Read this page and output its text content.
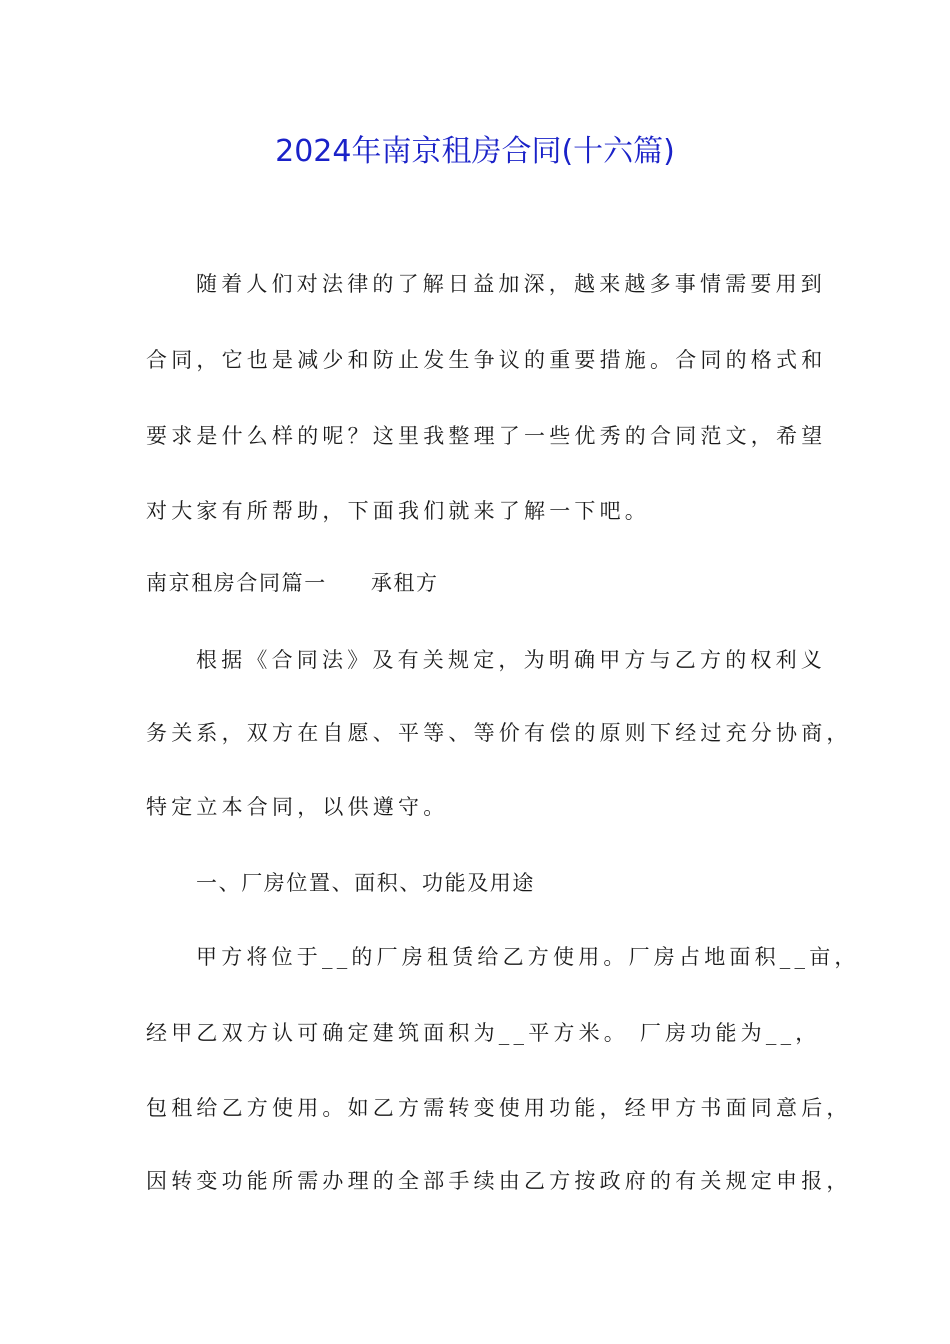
2024年南京租房合同(十六篇)
随着人们对法律的了解日益加深，越来越多事情需要用到
合同，它也是减少和防止发生争议的重要措施。合同的格式和
要求是什么样的呢？这里我整理了一些优秀的合同范文，希望
对大家有所帮助，下面我们就来了解一下吧。
南京租房合同篇一 承租方
根据《合同法》及有关规定，为明确甲方与乙方的权利义
务关系，双方在自愿、平等、等价有偿的原则下经过充分协商，
特定立本合同，以供遵守。
一、厂房位置、面积、功能及用途
甲方将位于__的厂房租赁给乙方使用。厂房占地面积__亩，
经甲乙双方认可确定建筑面积为__平方米。 厂房功能为__，
包租给乙方使用。如乙方需转变使用功能，经甲方书面同意后，
因转变功能所需办理的全部手续由乙方按政府的有关规定申报，
